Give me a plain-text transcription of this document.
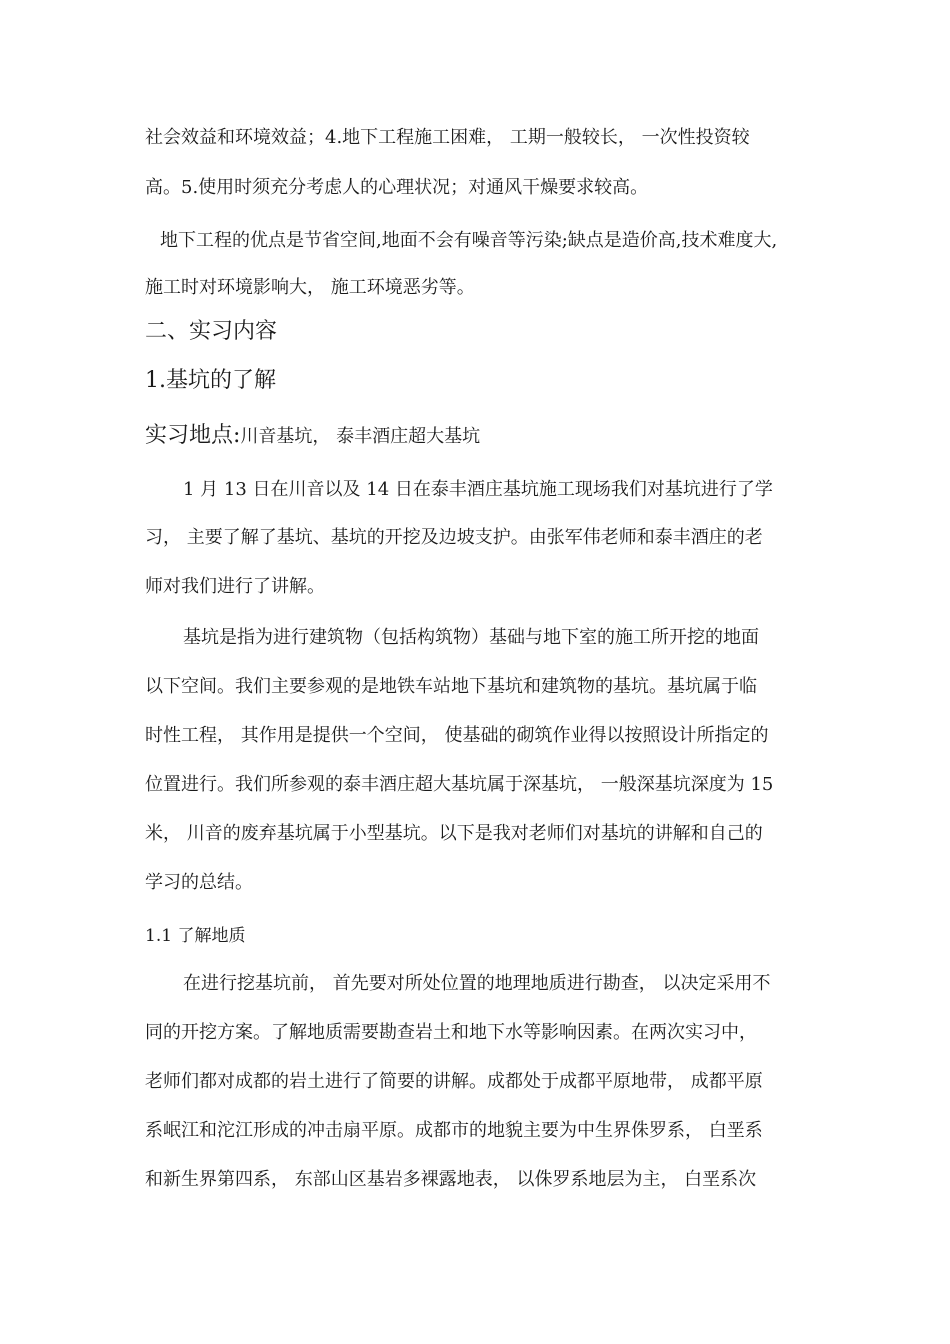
社会效益和环境效益；4.地下工程施工困难， 工期一般较长， 一次性投资较
高。5.使用时须充分考虑人的心理状况；对通风干燥要求较高。
地下工程的优点是节省空间,地面不会有噪音等污染;缺点是造价高,技术难度大,
施工时对环境影响大， 施工环境恶劣等。
二、实习内容
1.基坑的了解
实习地点:川音基坑， 泰丰酒庄超大基坑
1 月 13 日在川音以及 14 日在泰丰酒庄基坑施工现场我们对基坑进行了学
习， 主要了解了基坑、基坑的开挖及边坡支护。由张军伟老师和泰丰酒庄的老
师对我们进行了讲解。
基坑是指为进行建筑物（包括构筑物）基础与地下室的施工所开挖的地面
以下空间。我们主要参观的是地铁车站地下基坑和建筑物的基坑。基坑属于临
时性工程， 其作用是提供一个空间， 使基础的砌筑作业得以按照设计所指定的
位置进行。我们所参观的泰丰酒庄超大基坑属于深基坑， 一般深基坑深度为 15
米， 川音的废弃基坑属于小型基坑。以下是我对老师们对基坑的讲解和自己的
学习的总结。
1.1 了解地质
在进行挖基坑前， 首先要对所处位置的地理地质进行勘查， 以决定采用不
同的开挖方案。了解地质需要勘查岩土和地下水等影响因素。在两次实习中，
老师们都对成都的岩土进行了简要的讲解。成都处于成都平原地带， 成都平原
系岷江和沱江形成的冲击扇平原。成都市的地貌主要为中生界侏罗系， 白垩系
和新生界第四系， 东部山区基岩多裸露地表， 以侏罗系地层为主， 白垩系次
